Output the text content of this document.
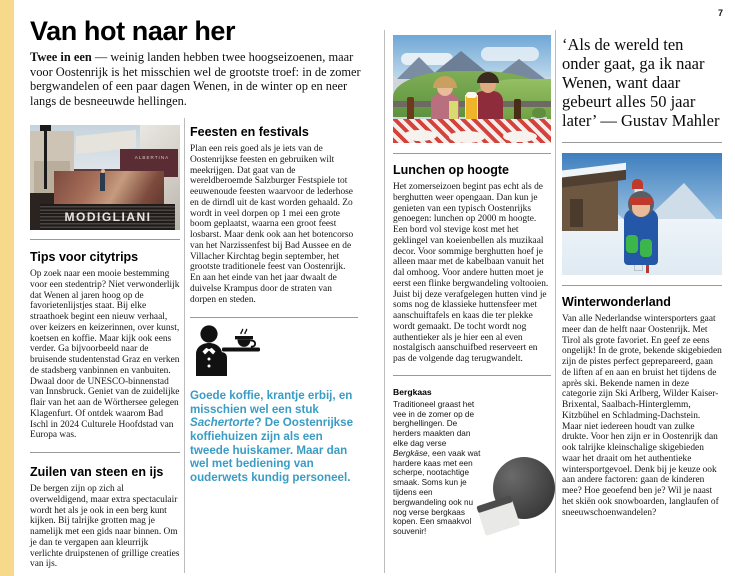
7
Van hot naar her
Twee in een — weinig landen hebben twee hoogseizoenen, maar voor Oostenrijk is het misschien wel de grootste troef: in de zomer bergwandelen of een paar dagen Wenen, in de winter op en neer langs de besneeuwde hellingen.
ALBERTINA
MODIGLIANI
Tips voor citytrips

Op zoek naar een mooie bestemming voor een stedentrip? Niet verwonderlijk dat Wenen al jaren hoog op de favorietenlijstjes staat. Bij elke straathoek begint een nieuw verhaal, over keizers en keizerinnen, over kunst, koetsen en koffie. Maar kijk ook eens verder. Ga bijvoorbeeld naar de bruisende studentenstad Graz en verken de stadsberg vanbinnen en vanbuiten. Dwaal door de UNESCO-binnenstad van Innsbruck. Geniet van de zuidelijke flair van het aan de Wörthersee gelegen Klagenfurt. Of ontdek waarom Bad Ischl in 2024 Culturele Hoofdstad van Europa was.

Zuilen van steen en ijs

De bergen zijn op zich al overweldigend, maar extra spectaculair wordt het als je ook in een berg kunt kijken. Bij talrijke grotten mag je namelijk met een gids naar binnen. Om je dan te vergapen aan kleurrijk verlichte druipstenen of grillige creaties van ijs.

Feesten en festivals

Plan een reis goed als je iets van de Oostenrijkse feesten en gebruiken wilt meekrijgen. Dat gaat van de wereldberoemde Salzburger Festspiele tot eeuwenoude feesten waarvoor de lederhose en de dirndl uit de kast worden gehaald. Zo wordt in veel dorpen op 1 mei een grote boom geplaatst, waarna een groot feest losbarst. Maar denk ook aan het botencorso van het Narzissenfest bij Bad Aussee en de Villacher Kirchtag begin september, het grootste traditionele feest van Oostenrijk. En aan het einde van het jaar dwaalt de duivelse Krampus door de straten van dorpen en steden.

Goede koffie, krantje erbij, en misschien wel een stuk Sachertorte? De Oostenrijkse koffiehuizen zijn als een tweede huiskamer. Maar dan wel met bediening van ouderwets kundig personeel.

Lunchen op hoogte

Het zomerseizoen begint pas echt als de berghutten weer opengaan. Dan kun je genieten van een typisch Oostenrijks genoegen: lunchen op 2000 m hoogte. Een bord vol stevige kost met het geklingel van koeienbellen als muzikaal decor. Voor sommige berghutten hoef je alleen maar met de kabelbaan vanuit het dal omhoog. Voor andere hutten moet je eerst een flinke bergwandeling voltooien. Juist bij deze verafgelegen hutten vind je soms nog de klassieke huttensfeer met aanschuiftafels en kaas die ter plekke wordt gemaakt. De tocht wordt nog authentieker als je hier een al even nostalgisch aanschuifbed reserveert en pas de volgende dag terugwandelt.

Bergkaas

Traditioneel graast het vee in de zomer op de berghellingen. De herders maakten dan elke dag verse Bergkäse, een vaak wat hardere kaas met een scherpe, nootachtige smaak. Soms kun je tijdens een bergwandeling ook nu nog verse bergkaas kopen. Een smaakvol souvenir!

‘Als de wereld ten onder gaat, ga ik naar Wenen, want daar gebeurt alles 50 jaar later’ — Gustav Mahler

Winterwonderland

Van alle Nederlandse wintersporters gaat meer dan de helft naar Oostenrijk. Met Tirol als grote favoriet. En geef ze eens ongelijk! In de grote, bekende skigebieden zijn de pistes perfect geprepareerd, gaan de liften af en aan en bruist het tijdens de après ski. Bekende namen in deze categorie zijn Ski Arlberg, Wilder Kaiser-Brixental, Saalbach-Hinterglemm, Kitzbühel en Schladming-Dachstein. Maar niet iedereen houdt van zulke drukte. Voor hen zijn er in Oostenrijk dan ook talrijke kleinschalige skigebieden waar het draait om het authentieke wintersportgevoel. Denk bij je keuze ook aan andere factoren: gaan de kinderen mee? Hoe geoefend ben je? Wil je naast het skiën ook snowboarden, langlaufen of sneeuwschoenwandelen?
